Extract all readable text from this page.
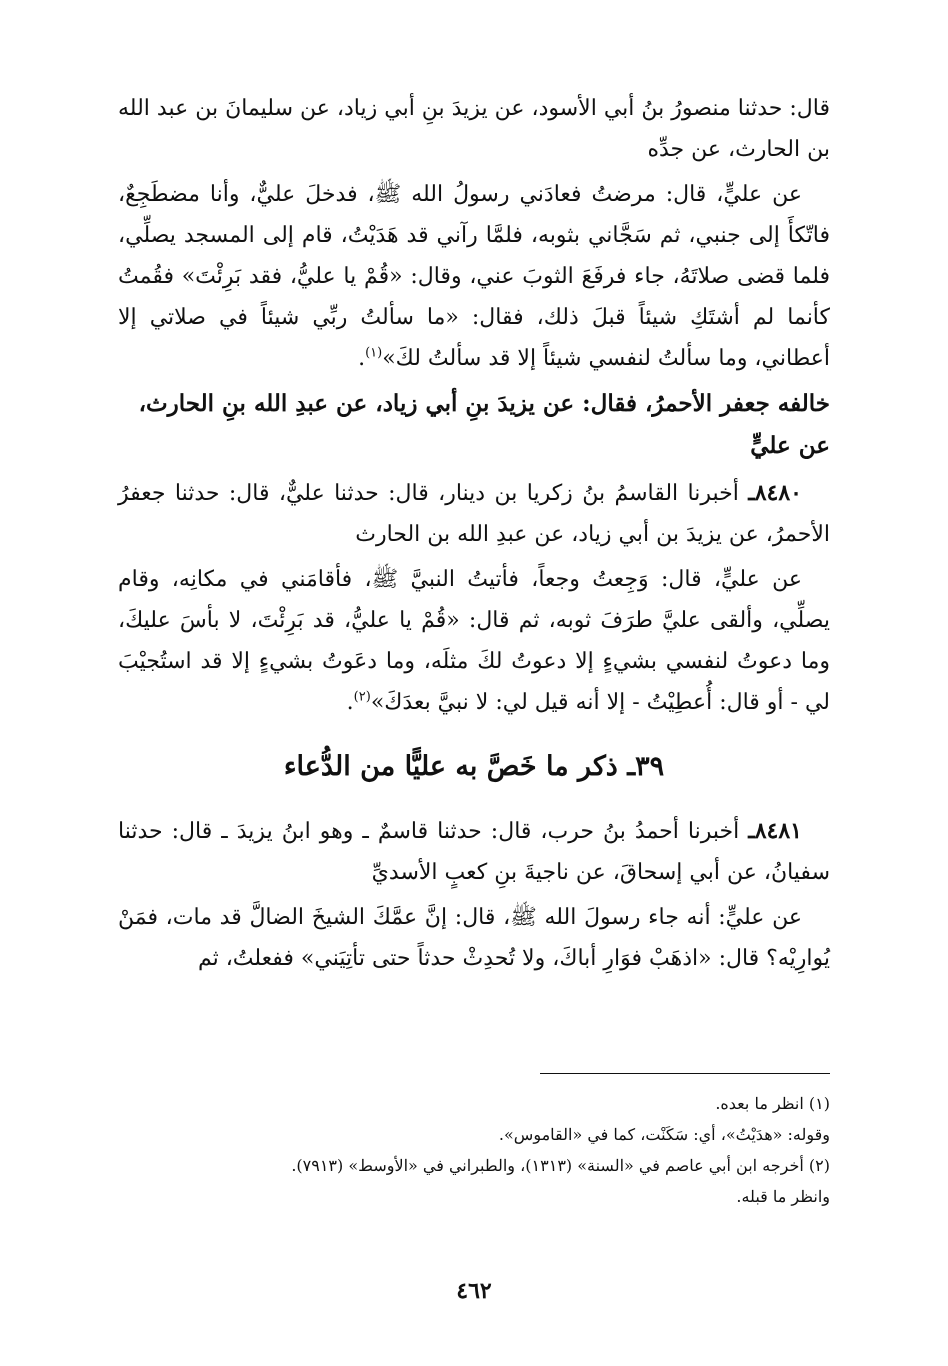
قال: حدثنا منصورُ بنُ أبي الأسود، عن يزيدَ بنِ أبي زياد، عن سليمانَ بن عبد الله بن الحارث، عن جدِّه

عن عليٍّ، قال: مرضتُ فعادَني رسولُ الله ﷺ، فدخلَ عليٌّ، وأنا مضطَجِعٌ، فاتّكأَ إلى جنبي، ثم سَجَّاني بثوبه، فلمَّا رآني قد هَدَيْتُ، قام إلى المسجد يصلِّي، فلما قضى صلاتَهُ، جاء فرفَعَ الثوبَ عني، وقال: «قُمْ يا عليُّ، فقد بَرِئْتَ» فقُمتُ كأنما لم أشتَكِ شيئاً قبلَ ذلك، فقال: «ما سألتُ ربِّي شيئاً في صلاتي إلا أعطاني، وما سألتُ لنفسي شيئاً إلا قد سألتُ لكَ»$^{(١)}$.

خالفه جعفر الأحمرُ، فقال: عن يزيدَ بنِ أبي زياد، عن عبدِ الله بنِ الحارث، عن عليٍّ

٨٤٨٠ـ أخبرنا القاسمُ بنُ زكريا بن دينار، قال: حدثنا عليٌّ، قال: حدثنا جعفرُ الأحمرُ، عن يزيدَ بن أبي زياد، عن عبدِ الله بن الحارث

عن عليٍّ، قال: وَجِعتُ وجعاً، فأتيتُ النبيَّ ﷺ، فأقامَني في مكانِه، وقام يصلِّي، وألقى عليَّ طرَفَ ثوبه، ثم قال: «قُمْ يا عليُّ، قد بَرِئْتَ، لا بأسَ عليكَ، وما دعوتُ لنفسي بشيءٍ إلا دعوتُ لكَ مثلَه، وما دعَوتُ بشيءٍ إلا قد استُجيْبَ لي - أو قال: أُعطِيْتُ - إلا أنه قيل لي: لا نبيَّ بعدَكَ»$^{(٢)}$.

٣٩ـ ذكر ما خَصَّ به عليًّا من الدُّعاء

٨٤٨١ـ أخبرنا أحمدُ بنُ حرب، قال: حدثنا قاسمٌ ـ وهو ابنُ يزيدَ ـ قال: حدثنا سفيانُ، عن أبي إسحاقَ، عن ناجيةَ بنِ كعبٍ الأسديِّ

عن عليٍّ: أنه جاء رسولَ الله ﷺ، قال: إنَّ عمَّكَ الشيخَ الضالَّ قد مات، فمَنْ يُوارِيْه؟ قال: «اذهَبْ فوَارِ أباكَ، ولا تُحدِثْ حدثاً حتى تأتِيَني» ففعلتُ، ثم

(١) انظر ما بعده.

وقوله: «هدَيْتُ»، أي: سَكَنْت، كما في «القاموس».

(٢) أخرجه ابن أبي عاصم في «السنة» (١٣١٣)، والطبراني في «الأوسط» (٧٩١٣).

وانظر ما قبله.

٤٦٢
